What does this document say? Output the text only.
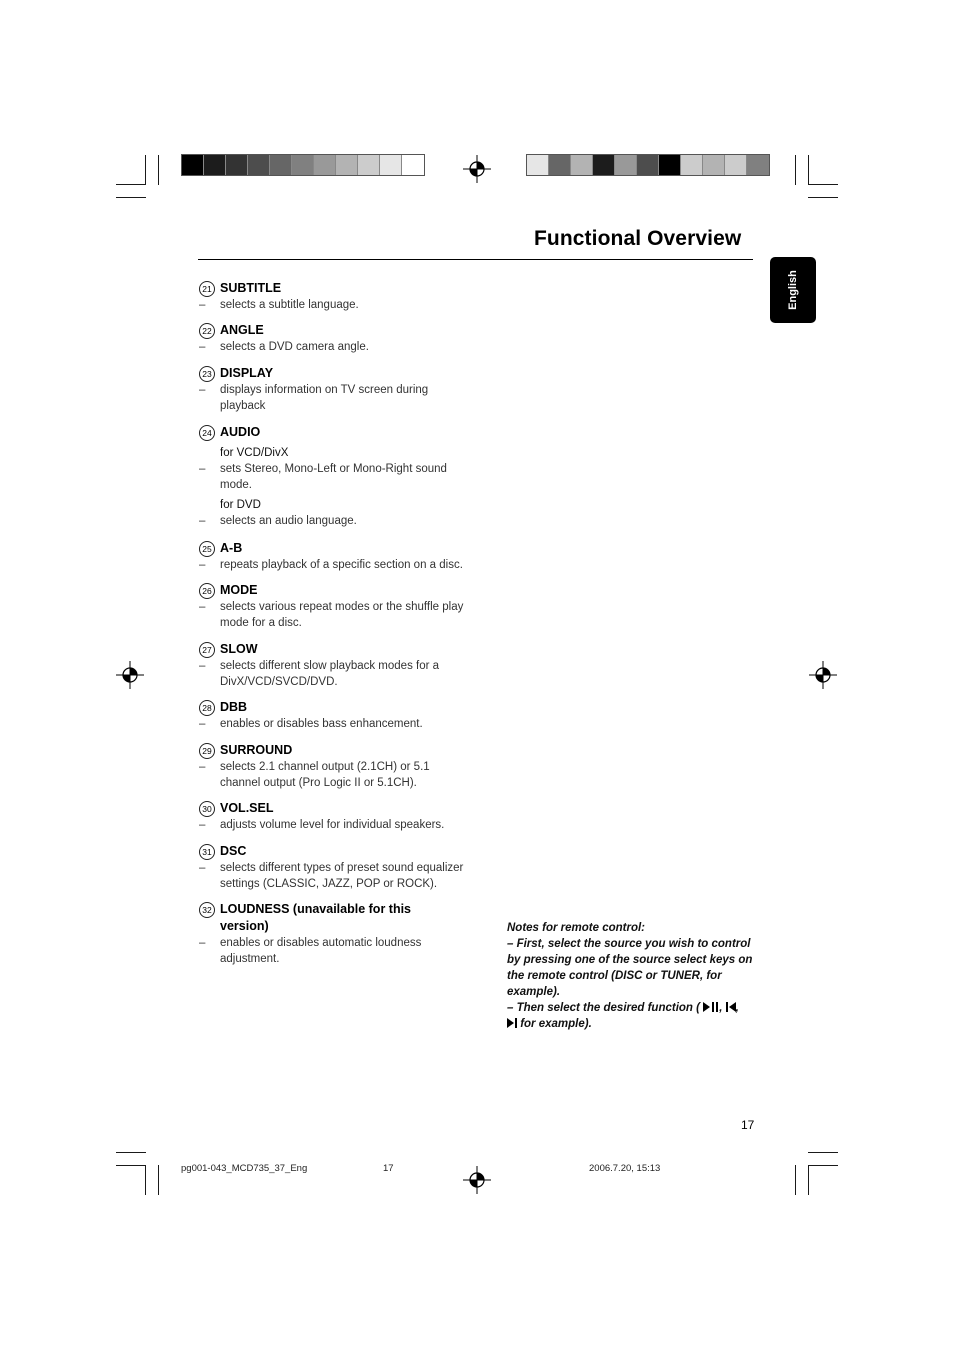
Functional Overview
English
21 SUBTITLE
– selects a subtitle language.
22 ANGLE
– selects a DVD camera angle.
23 DISPLAY
– displays information on TV screen during playback
24 AUDIO
for VCD/DivX
– sets Stereo, Mono-Left or Mono-Right sound mode.
for DVD
– selects an audio language.
25 A-B
– repeats playback of a specific section on a disc.
26 MODE
– selects various repeat modes or the shuffle play mode for a disc.
27 SLOW
– selects different slow playback modes for a DivX/VCD/SVCD/DVD.
28 DBB
– enables or disables bass enhancement.
29 SURROUND
– selects 2.1 channel output (2.1CH) or 5.1 channel output (Pro Logic II or 5.1CH).
30 VOL.SEL
– adjusts volume level for individual speakers.
31 DSC
– selects different types of preset sound equalizer settings (CLASSIC, JAZZ, POP or ROCK).
32 LOUDNESS (unavailable for this version)
– enables or disables automatic loudness adjustment.
Notes for remote control:
– First, select the source you wish to control by pressing one of the source select keys on the remote control (DISC or TUNER, for example).
– Then select the desired function ( , ,
for example).
17
pg001-043_MCD735_37_Eng	17	2006.7.20, 15:13
